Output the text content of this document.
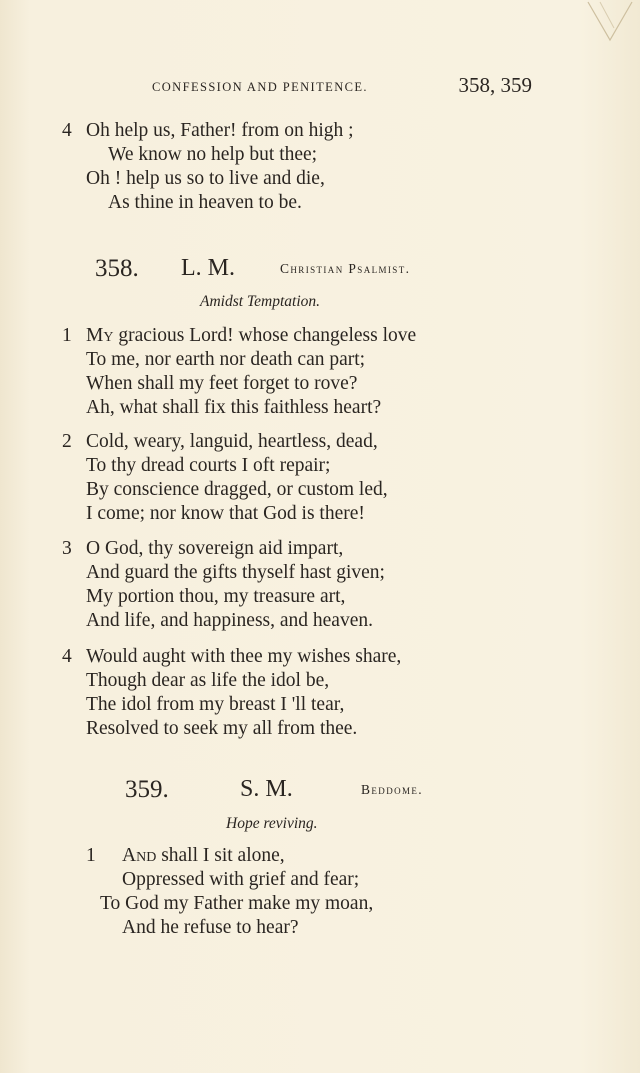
CONFESSION AND PENITENCE.	358, 359
4 Oh help us, Father! from on high ;
We know no help but thee;
Oh ! help us so to live and die,
As thine in heaven to be.
358. L. M.	Christian Psalmist.
Amidst Temptation.
1 My gracious Lord! whose changeless love
To me, nor earth nor death can part;
When shall my feet forget to rove?
Ah, what shall fix this faithless heart?
2 Cold, weary, languid, heartless, dead,
To thy dread courts I oft repair;
By conscience dragged, or custom led,
I come; nor know that God is there!
3 O God, thy sovereign aid impart,
And guard the gifts thyself hast given;
My portion thou, my treasure art,
And life, and happiness, and heaven.
4 Would aught with thee my wishes share,
Though dear as life the idol be,
The idol from my breast I 'll tear,
Resolved to seek my all from thee.
359.	S. M.	Beddome.
Hope reviving.
1	And shall I sit alone,
Oppressed with grief and fear;
To God my Father make my moan,
And he refuse to hear?
